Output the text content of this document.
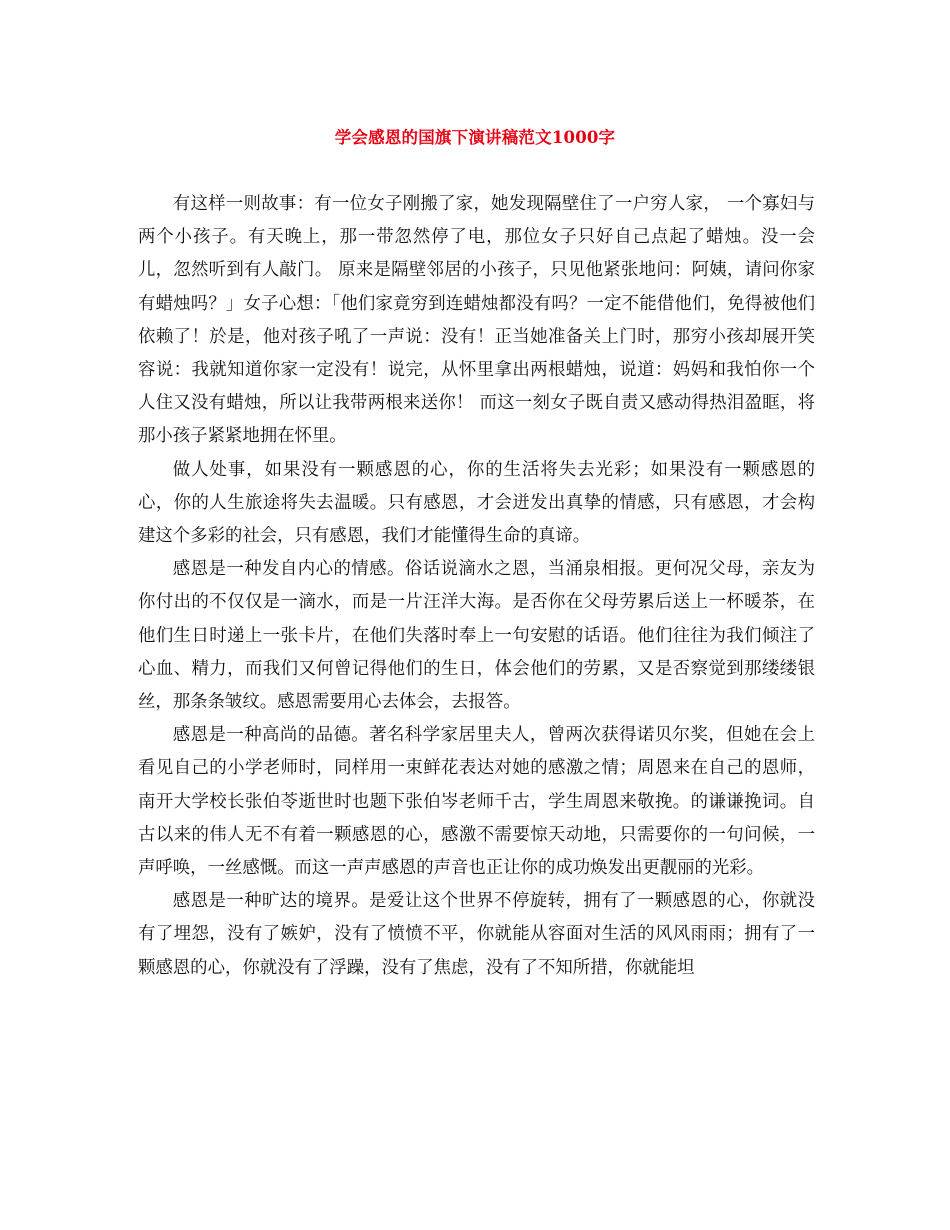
学会感恩的国旗下演讲稿范文1000字

有这样一则故事：有一位女子刚搬了家，她发现隔壁住了一户穷人家， 一个寡妇与两个小孩子。有天晚上，那一带忽然停了电，那位女子只好自己点起了蜡烛。没一会儿，忽然听到有人敲门。 原来是隔壁邻居的小孩子，只见他紧张地问：阿姨，请问你家有蜡烛吗？」女子心想：「他们家竟穷到连蜡烛都没有吗？一定不能借他们，免得被他们依赖了！於是，他对孩子吼了一声说：没有！正当她准备关上门时，那穷小孩却展开笑容说：我就知道你家一定没有！说完，从怀里拿出两根蜡烛，说道：妈妈和我怕你一个人住又没有蜡烛，所以让我带两根来送你！ 而这一刻女子既自责又感动得热泪盈眶，将那小孩子紧紧地拥在怀里。

做人处事，如果没有一颗感恩的心，你的生活将失去光彩；如果没有一颗感恩的心，你的人生旅途将失去温暖。只有感恩，才会迸发出真挚的情感，只有感恩，才会构建这个多彩的社会，只有感恩，我们才能懂得生命的真谛。

感恩是一种发自内心的情感。俗话说滴水之恩，当涌泉相报。更何况父母，亲友为你付出的不仅仅是一滴水，而是一片汪洋大海。是否你在父母劳累后送上一杯暖茶，在他们生日时递上一张卡片，在他们失落时奉上一句安慰的话语。他们往往为我们倾注了心血、精力，而我们又何曾记得他们的生日，体会他们的劳累，又是否察觉到那缕缕银丝，那条条皱纹。感恩需要用心去体会，去报答。

感恩是一种高尚的品德。著名科学家居里夫人，曾两次获得诺贝尔奖，但她在会上看见自己的小学老师时，同样用一束鲜花表达对她的感激之情；周恩来在自己的恩师，南开大学校长张伯苓逝世时也题下张伯岑老师千古，学生周恩来敬挽。的谦谦挽词。自古以来的伟人无不有着一颗感恩的心，感激不需要惊天动地，只需要你的一句问候，一声呼唤，一丝感慨。而这一声声感恩的声音也正让你的成功焕发出更靓丽的光彩。

感恩是一种旷达的境界。是爱让这个世界不停旋转，拥有了一颗感恩的心，你就没有了埋怨，没有了嫉妒，没有了愤愤不平，你就能从容面对生活的风风雨雨；拥有了一颗感恩的心，你就没有了浮躁，没有了焦虑，没有了不知所措，你就能坦
